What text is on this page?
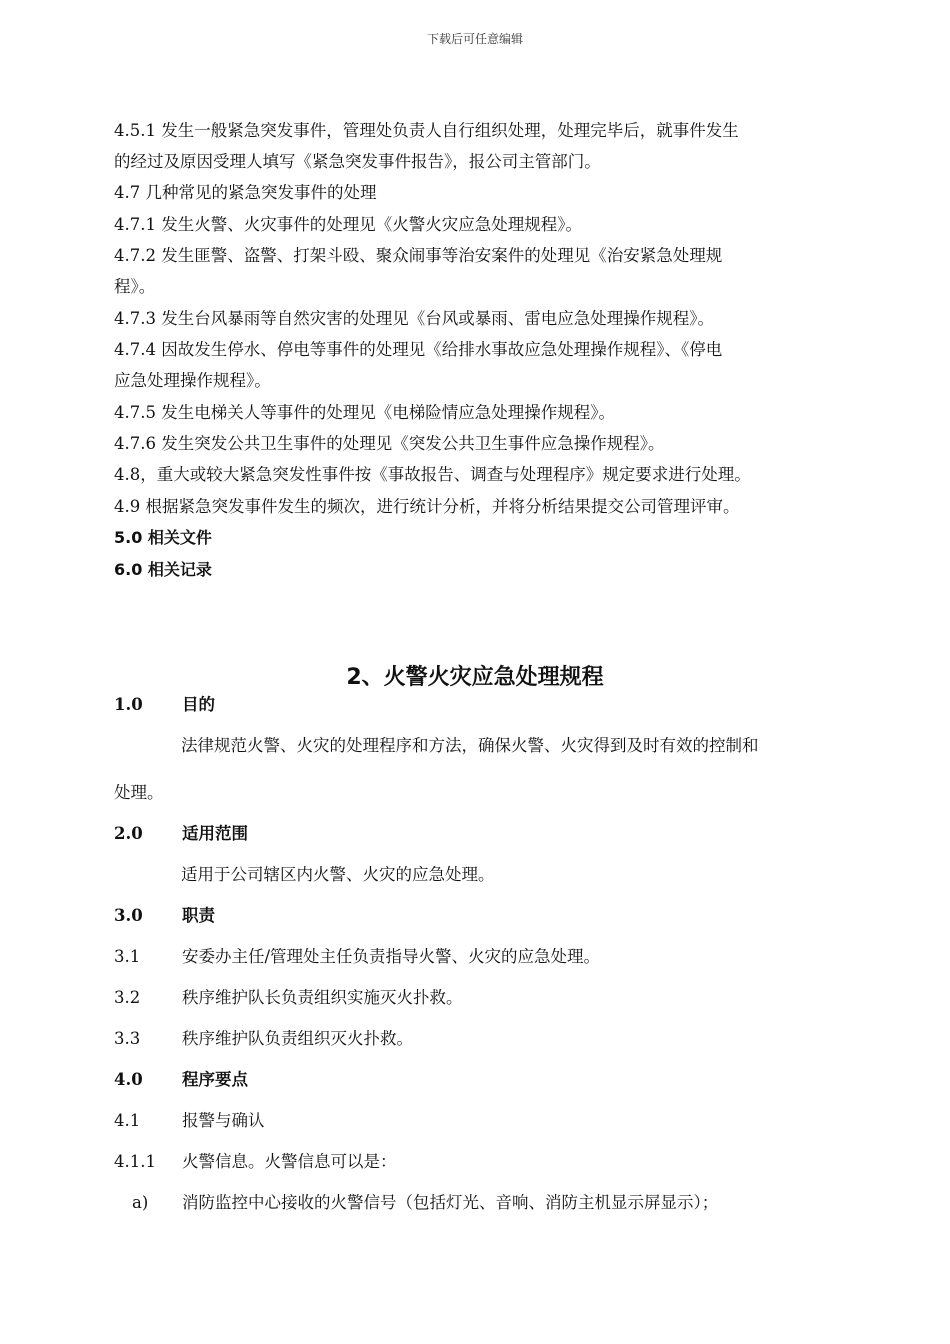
下载后可任意编辑
4.5.1 发生一般紧急突发事件，管理处负责人自行组织处理，处理完毕后，就事件发生
的经过及原因受理人填写《紧急突发事件报告》，报公司主管部门。
4.7 几种常见的紧急突发事件的处理
4.7.1 发生火警、火灾事件的处理见《火警火灾应急处理规程》。
4.7.2 发生匪警、盗警、打架斗殴、聚众闹事等治安案件的处理见《治安紧急处理规
程》。
4.7.3 发生台风暴雨等自然灾害的处理见《台风或暴雨、雷电应急处理操作规程》。
4.7.4 因故发生停水、停电等事件的处理见《给排水事故应急处理操作规程》、《停电
应急处理操作规程》。
4.7.5 发生电梯关人等事件的处理见《电梯险情应急处理操作规程》。
4.7.6 发生突发公共卫生事件的处理见《突发公共卫生事件应急操作规程》。
4.8，重大或较大紧急突发性事件按《事故报告、调查与处理程序》规定要求进行处理。
4.9 根据紧急突发事件发生的频次，进行统计分析，并将分析结果提交公司管理评审。
5.0 相关文件
6.0 相关记录
2、火警火灾应急处理规程
1.0 目的
法律规范火警、火灾的处理程序和方法，确保火警、火灾得到及时有效的控制和
处理。
2.0 适用范围
适用于公司辖区内火警、火灾的应急处理。
3.0 职责
3.1	安委办主任/管理处主任负责指导火警、火灾的应急处理。
3.2	秩序维护队长负责组织实施灭火扑救。
3.3	秩序维护队负责组织灭火扑救。
4.0 程序要点
4.1	报警与确认
4.1.1 火警信息。火警信息可以是：
a) 消防监控中心接收的火警信号（包括灯光、音响、消防主机显示屏显示）；
